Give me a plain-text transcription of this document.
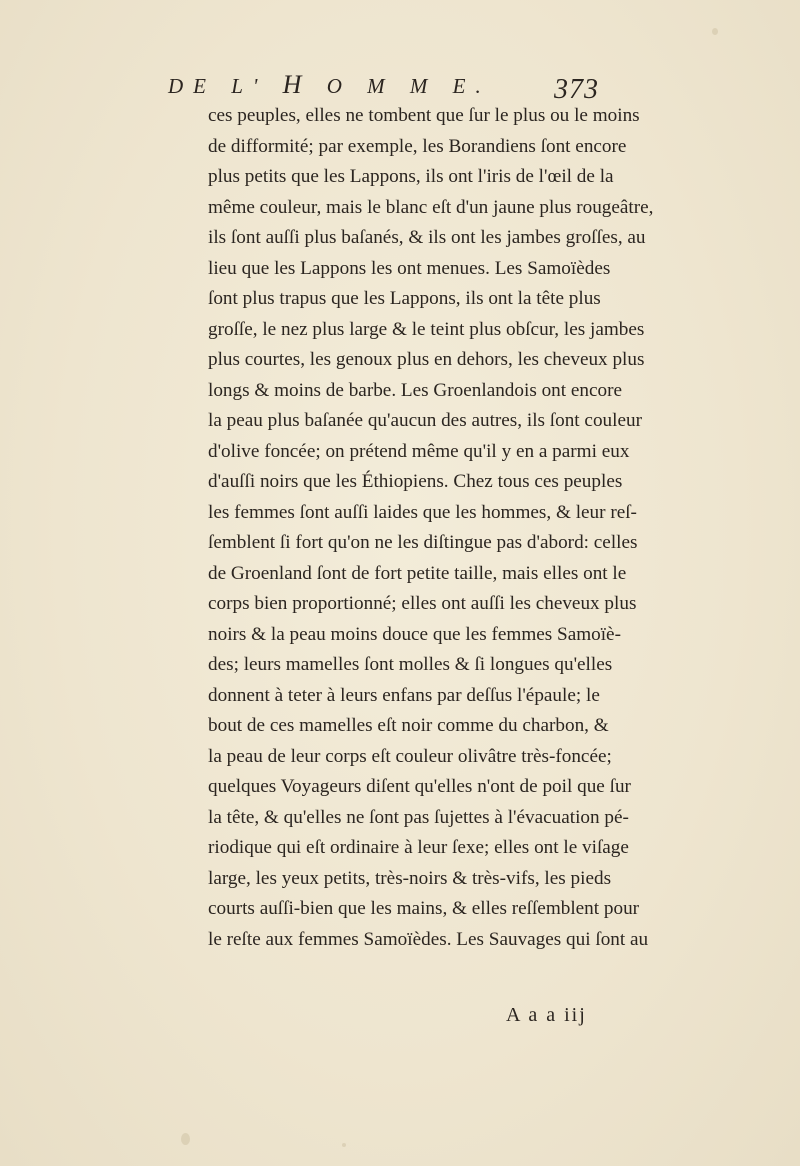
DE L' H O M M E.	373
ces peuples, elles ne tombent que ſur le plus ou le moins
de difformité; par exemple, les Borandiens ſont encore
plus petits que les Lappons, ils ont l'iris de l'œil de la
même couleur, mais le blanc eſt d'un jaune plus rougeâtre,
ils ſont auſſi plus baſanés, & ils ont les jambes groſſes, au
lieu que les Lappons les ont menues. Les Samoïèdes
ſont plus trapus que les Lappons, ils ont la tête plus
groſſe, le nez plus large & le teint plus obſcur, les jambes
plus courtes, les genoux plus en dehors, les cheveux plus
longs & moins de barbe. Les Groenlandois ont encore
la peau plus baſanée qu'aucun des autres, ils ſont couleur
d'olive foncée; on prétend même qu'il y en a parmi eux
d'auſſi noirs que les Éthiopiens. Chez tous ces peuples
les femmes ſont auſſi laides que les hommes, & leur reſ-
ſemblent ſi fort qu'on ne les diſtingue pas d'abord: celles
de Groenland ſont de fort petite taille, mais elles ont le
corps bien proportionné; elles ont auſſi les cheveux plus
noirs & la peau moins douce que les femmes Samoïè-
des; leurs mamelles ſont molles & ſi longues qu'elles
donnent à teter à leurs enfans par deſſus l'épaule; le
bout de ces mamelles eſt noir comme du charbon, &
la peau de leur corps eſt couleur olivâtre très-foncée;
quelques Voyageurs diſent qu'elles n'ont de poil que ſur
la tête, & qu'elles ne ſont pas ſujettes à l'évacuation pé-
riodique qui eſt ordinaire à leur ſexe; elles ont le viſage
large, les yeux petits, très-noirs & très-vifs, les pieds
courts auſſi-bien que les mains, & elles reſſemblent pour
le reſte aux femmes Samoïèdes. Les Sauvages qui ſont au
A a a iij
